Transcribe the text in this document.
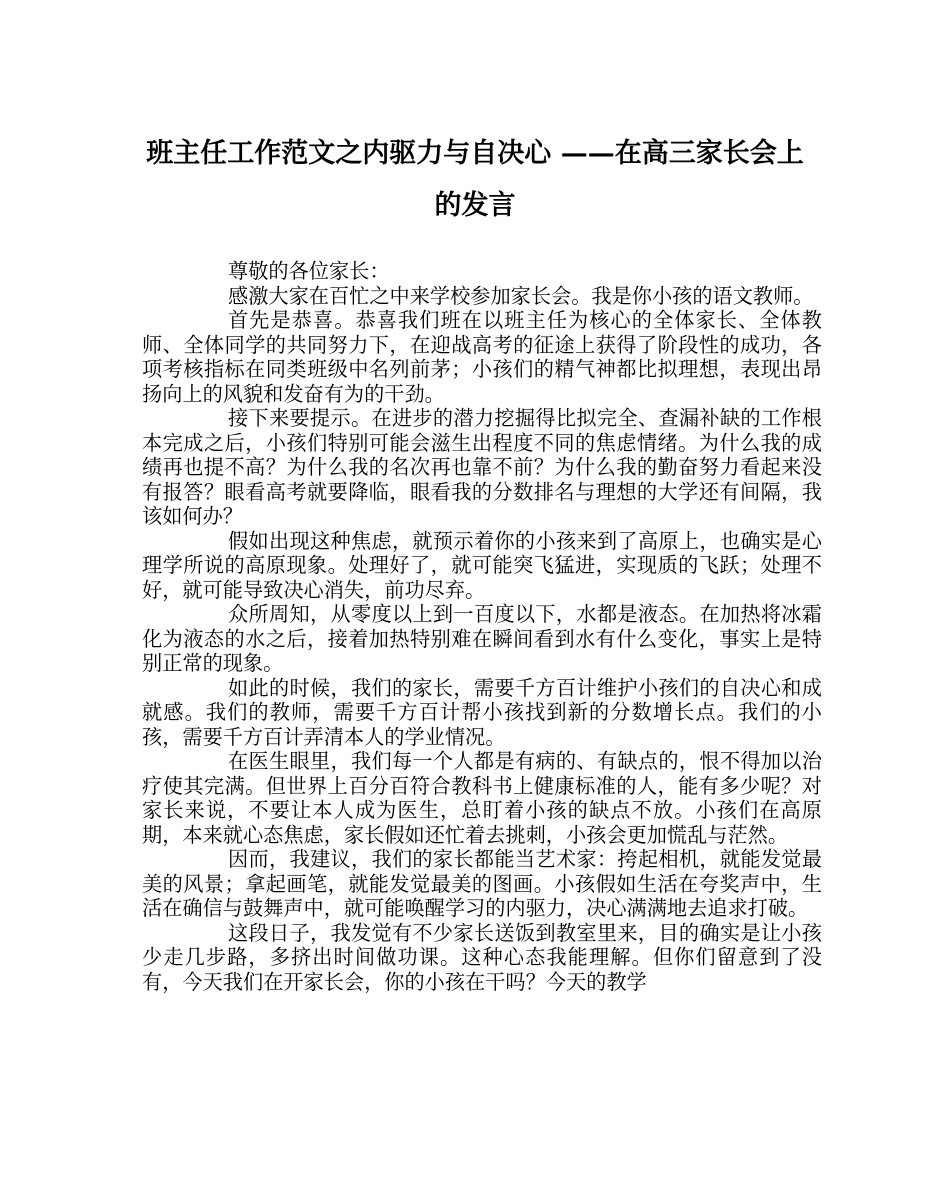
班主任工作范文之内驱力与自决心 ——在高三家长会上的发言

尊敬的各位家长：

感激大家在百忙之中来学校参加家长会。我是你小孩的语文教师。

首先是恭喜。恭喜我们班在以班主任为核心的全体家长、全体教师、全体同学的共同努力下，在迎战高考的征途上获得了阶段性的成功，各项考核指标在同类班级中名列前茅；小孩们的精气神都比拟理想，表现出昂扬向上的风貌和发奋有为的干劲。

接下来要提示。在进步的潜力挖掘得比拟完全、查漏补缺的工作根本完成之后，小孩们特别可能会滋生出程度不同的焦虑情绪。为什么我的成绩再也提不高？为什么我的名次再也靠不前？为什么我的勤奋努力看起来没有报答？眼看高考就要降临，眼看我的分数排名与理想的大学还有间隔，我该如何办？

假如出现这种焦虑，就预示着你的小孩来到了高原上，也确实是心理学所说的高原现象。处理好了，就可能突飞猛进，实现质的飞跃；处理不好，就可能导致决心消失，前功尽弃。

众所周知，从零度以上到一百度以下，水都是液态。在加热将冰霜化为液态的水之后，接着加热特别难在瞬间看到水有什么变化，事实上是特别正常的现象。

如此的时候，我们的家长，需要千方百计维护小孩们的自决心和成就感。我们的教师，需要千方百计帮小孩找到新的分数增长点。我们的小孩，需要千方百计弄清本人的学业情况。

在医生眼里，我们每一个人都是有病的、有缺点的，恨不得加以治疗使其完满。但世界上百分百符合教科书上健康标准的人，能有多少呢？对家长来说，不要让本人成为医生，总盯着小孩的缺点不放。小孩们在高原期，本来就心态焦虑，家长假如还忙着去挑刺，小孩会更加慌乱与茫然。

因而，我建议，我们的家长都能当艺术家：挎起相机，就能发觉最美的风景；拿起画笔，就能发觉最美的图画。小孩假如生活在夸奖声中，生活在确信与鼓舞声中，就可能唤醒学习的内驱力，决心满满地去追求打破。

这段日子，我发觉有不少家长送饭到教室里来，目的确实是让小孩少走几步路，多挤出时间做功课。这种心态我能理解。但你们留意到了没有，今天我们在开家长会，你的小孩在干吗？今天的教学
